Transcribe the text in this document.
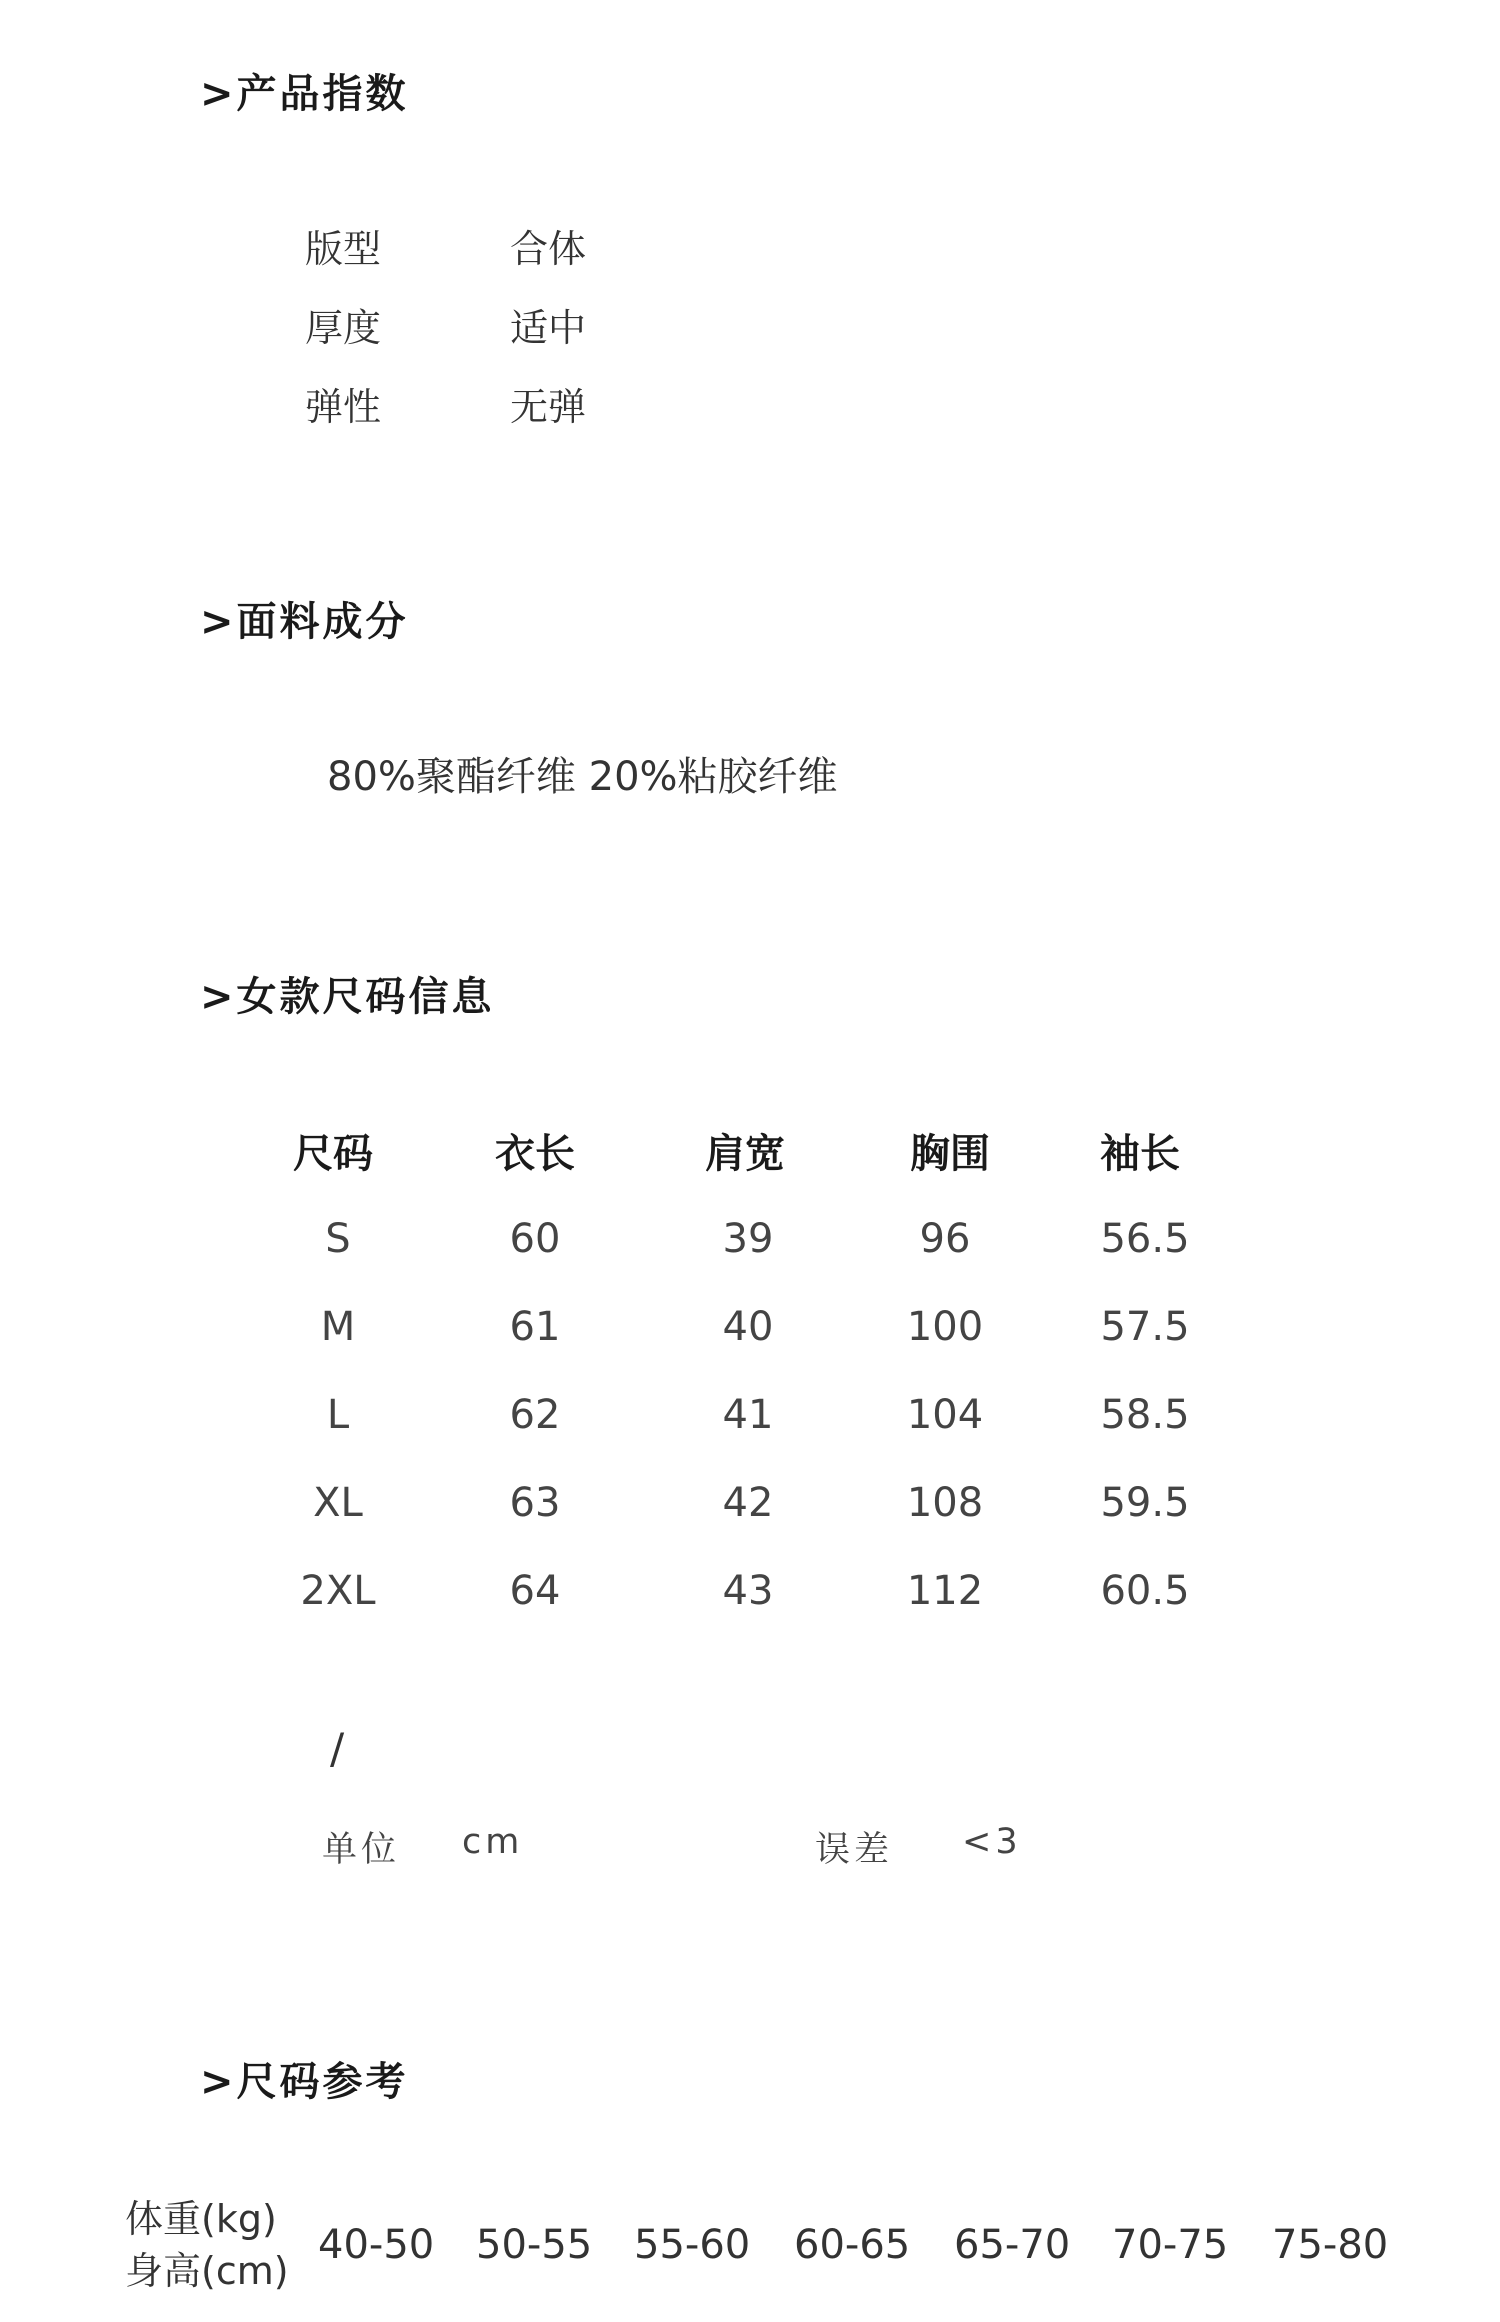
>产品指数
版型	合体
厚度	适中
弹性	无弹
>面料成分
80%聚酯纤维 20%粘胶纤维
>女款尺码信息
尺码	衣长	肩宽	胸围	袖长
S	60	39	96	56.5
M	61	40	100	57.5
L	62	41	104	58.5
XL	63	42	108	59.5
2XL	64	43	112	60.5
/
单位 cm	误差 <3
>尺码参考
体重(kg)
身高(cm)
40-50 50-55 55-60 60-65 65-70 70-75 75-80
